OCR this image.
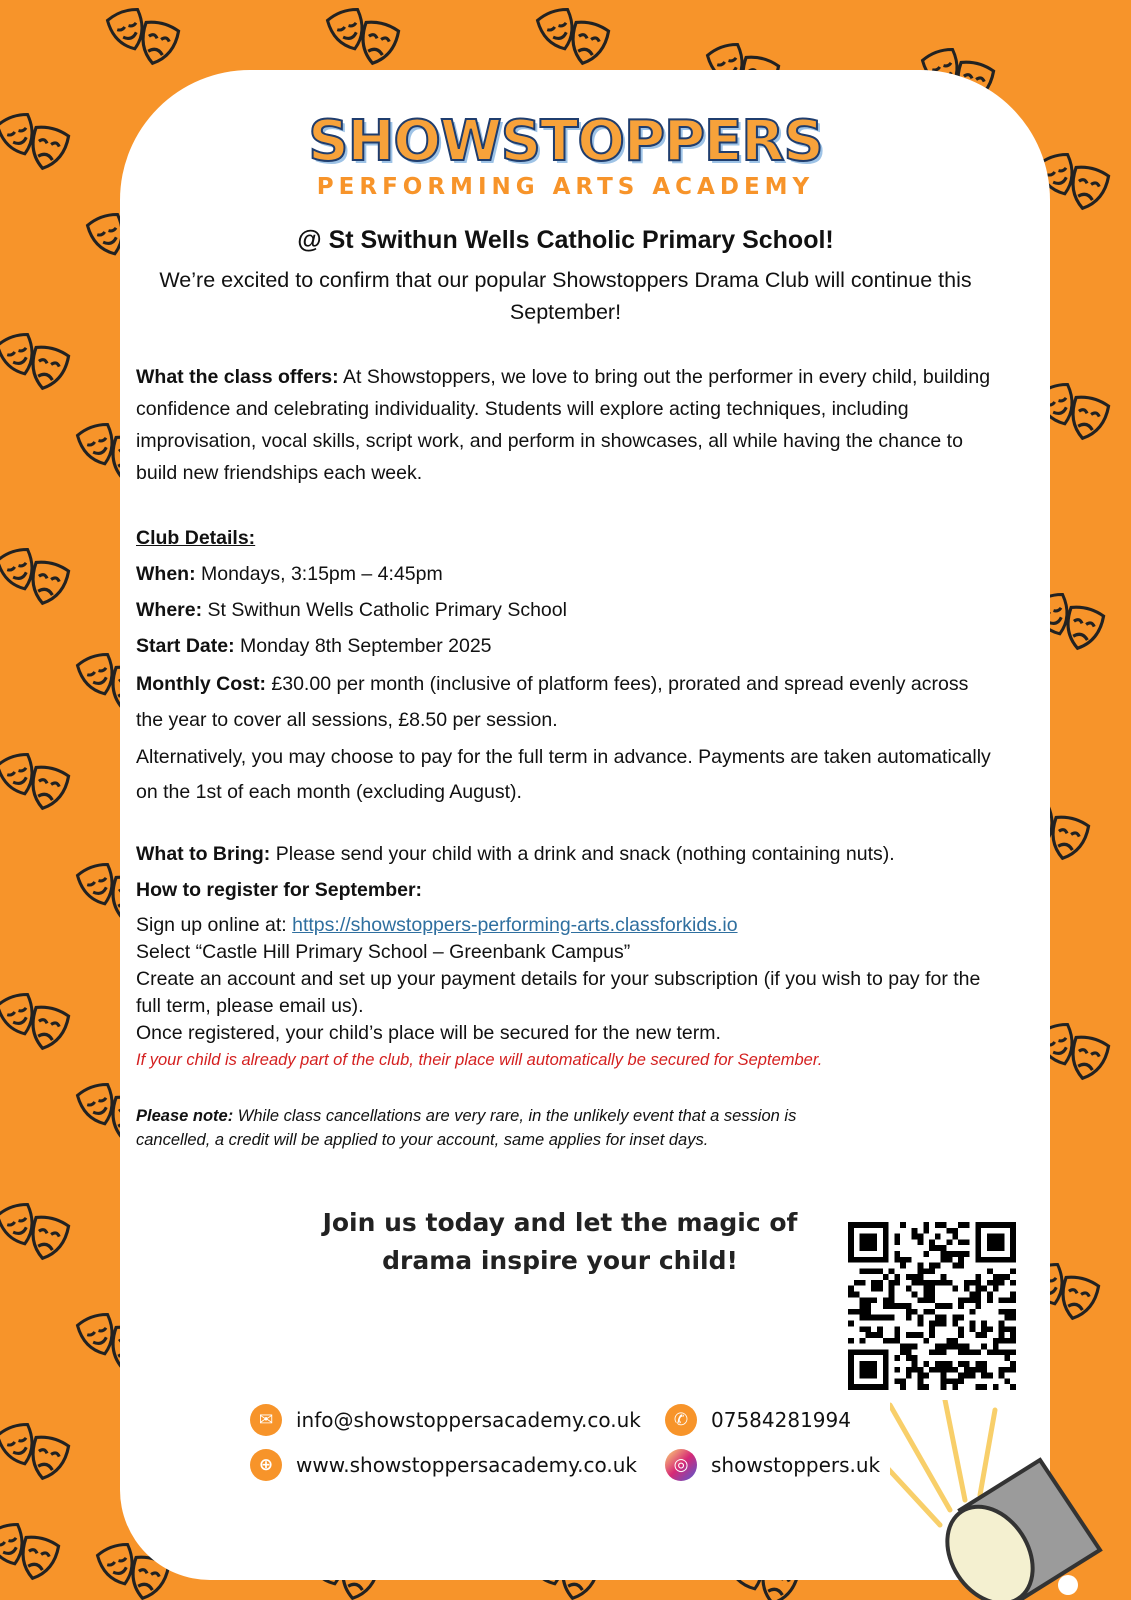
SHOWSTOPPERS
PERFORMING ARTS ACADEMY
@ St Swithun Wells Catholic Primary School!
We’re excited to confirm that our popular Showstoppers Drama Club will continue this September!
What the class offers: At Showstoppers, we love to bring out the performer in every child, building confidence and celebrating individuality. Students will explore acting techniques, including improvisation, vocal skills, script work, and perform in showcases, all while having the chance to build new friendships each week.
Club Details:
When: Mondays, 3:15pm – 4:45pm
Where: St Swithun Wells Catholic Primary School
Start Date: Monday 8th September 2025
Monthly Cost: £30.00 per month (inclusive of platform fees), prorated and spread evenly across the year to cover all sessions, £8.50 per session.
Alternatively, you may choose to pay for the full term in advance. Payments are taken automatically on the 1st of each month (excluding August).
What to Bring: Please send your child with a drink and snack (nothing containing nuts).
How to register for September:
Sign up online at: https://showstoppers-performing-arts.classforkids.io
Select “Castle Hill Primary School – Greenbank Campus”
Create an account and set up your payment details for your subscription (if you wish to pay for the full term, please email us).
Once registered, your child’s place will be secured for the new term.
If your child is already part of the club, their place will automatically be secured for September.
Please note: While class cancellations are very rare, in the unlikely event that a session is cancelled, a credit will be applied to your account, same applies for inset days.
Join us today and let the magic of
drama inspire your child!
✉	info@showstoppersacademy.co.uk	✆	07584281994
⊕	www.showstoppersacademy.co.uk	◎	showstoppers.uk
